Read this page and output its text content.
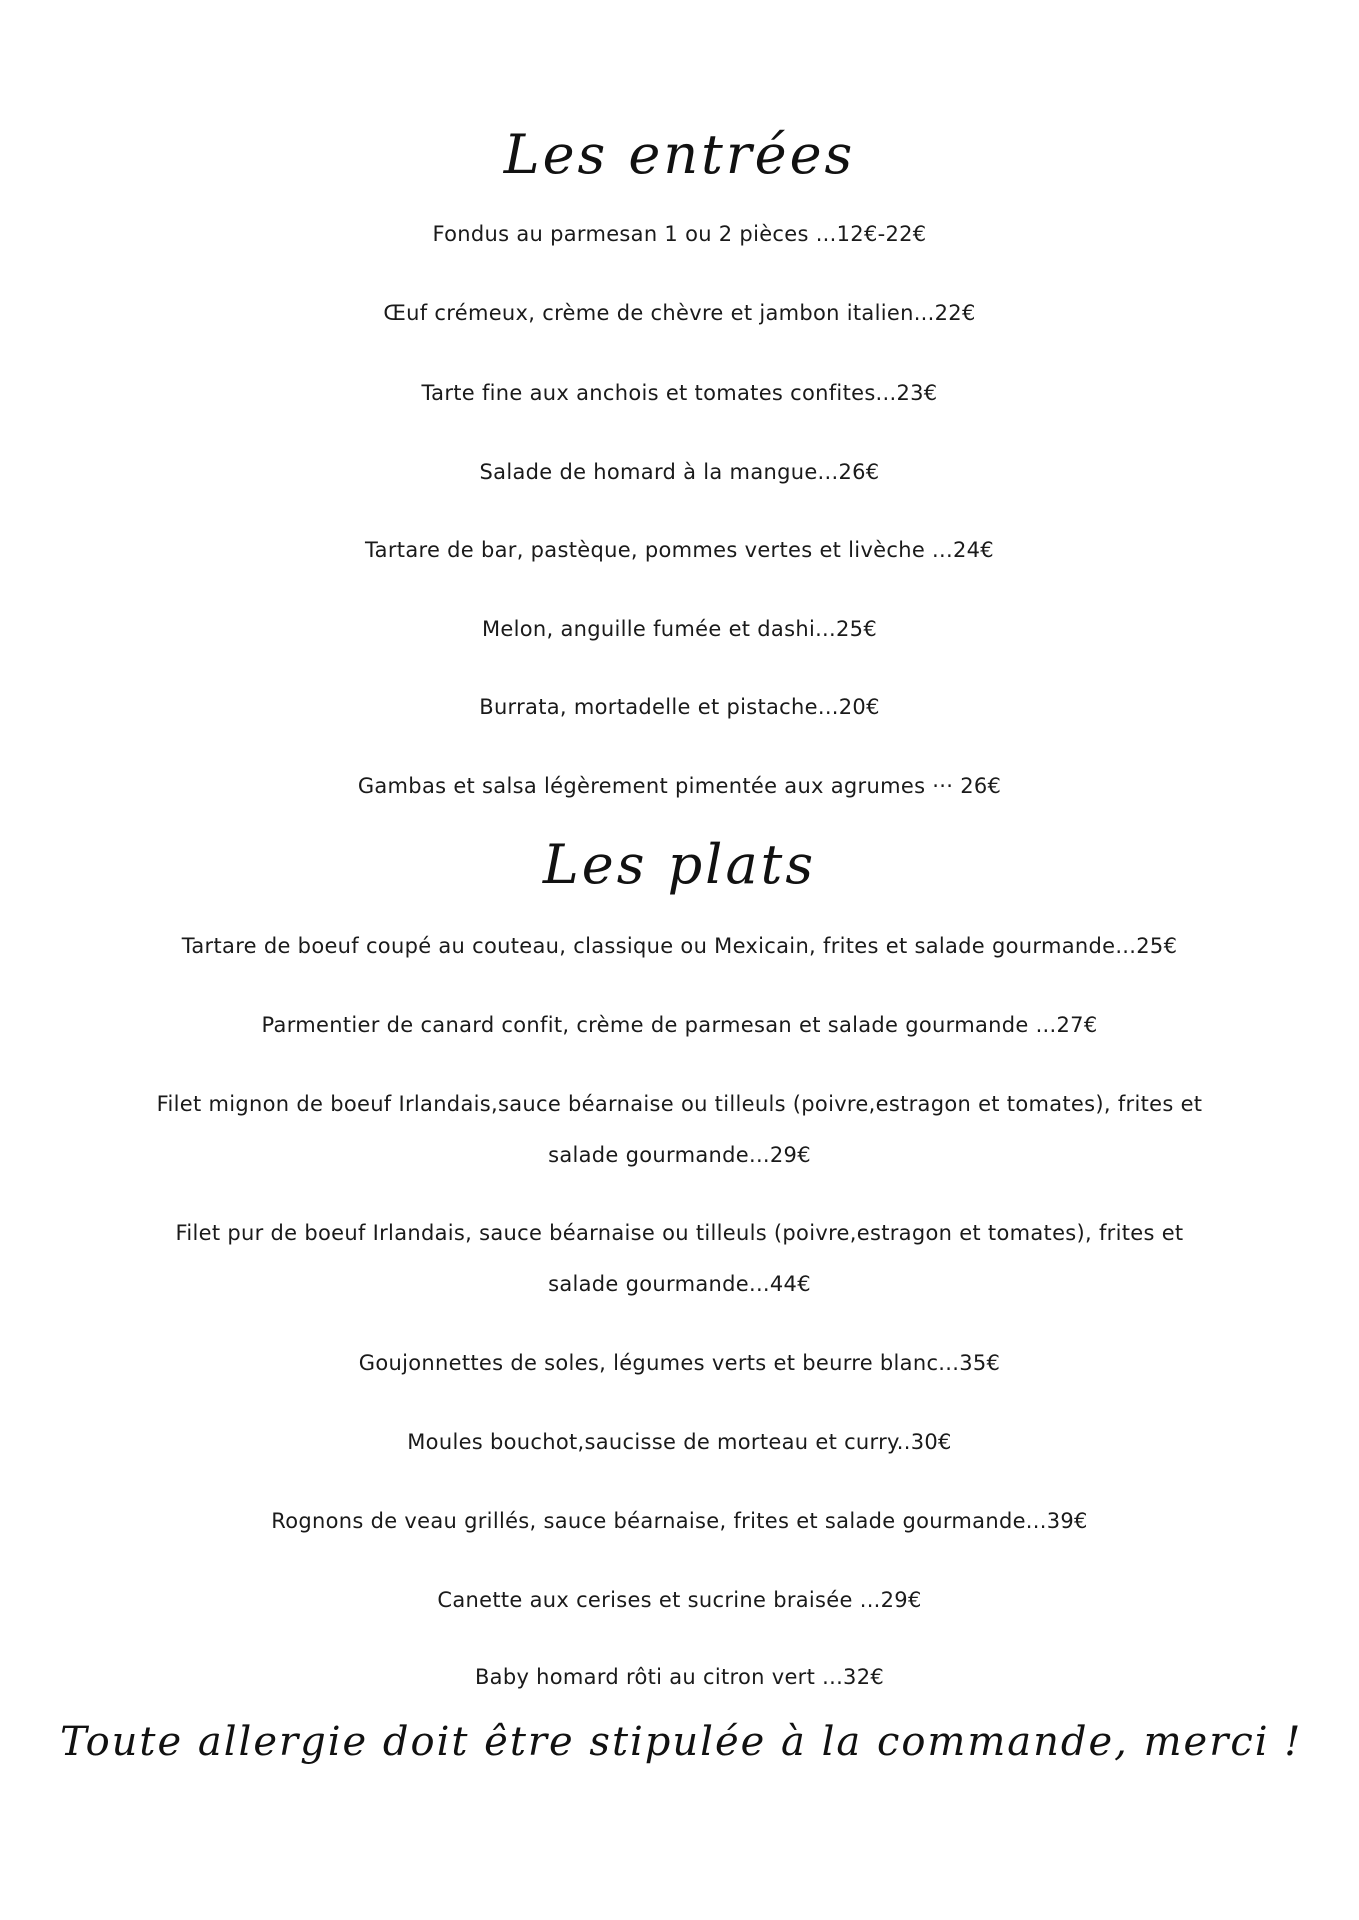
Les entrées
Fondus au parmesan 1 ou 2 pièces ...12€-22€
Œuf crémeux, crème de chèvre et jambon italien...22€
Tarte fine aux anchois et tomates confites...23€
Salade de homard à la mangue...26€
Tartare de bar, pastèque, pommes vertes et livèche ...24€
Melon, anguille fumée et dashi...25€
Burrata, mortadelle et pistache...20€
Gambas et salsa légèrement pimentée aux agrumes ··· 26€
Les plats
Tartare de boeuf coupé au couteau, classique ou Mexicain, frites et salade gourmande...25€
Parmentier de canard confit, crème de parmesan et salade gourmande ...27€
Filet mignon de boeuf Irlandais,sauce béarnaise ou tilleuls (poivre,estragon et tomates), frites et salade gourmande...29€
Filet pur de boeuf Irlandais, sauce béarnaise ou tilleuls (poivre,estragon et tomates), frites et salade gourmande...44€
Goujonnettes de soles, légumes verts et beurre blanc...35€
Moules bouchot,saucisse de morteau et curry..30€
Rognons de veau grillés, sauce béarnaise, frites et salade gourmande...39€
Canette aux cerises et sucrine braisée ...29€
Baby homard rôti au citron vert ...32€
Toute allergie doit être stipulée à la commande, merci !
